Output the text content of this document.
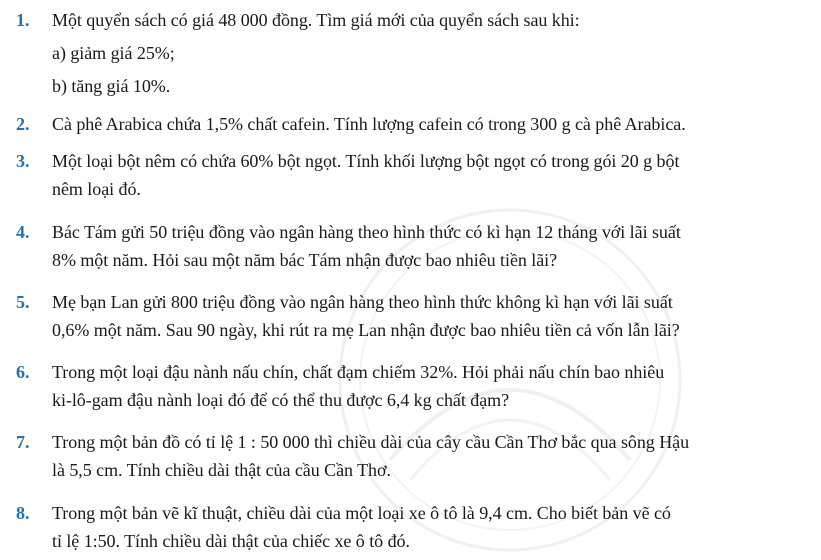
1. Một quyển sách có giá 48 000 đồng. Tìm giá mới của quyển sách sau khi:
a) giảm giá 25%;
b) tăng giá 10%.
2. Cà phê Arabica chứa 1,5% chất cafein. Tính lượng cafein có trong 300 g cà phê Arabica.
3. Một loại bột nêm có chứa 60% bột ngọt. Tính khối lượng bột ngọt có trong gói 20 g bột
nêm loại đó.
4. Bác Tám gửi 50 triệu đồng vào ngân hàng theo hình thức có kì hạn 12 tháng với lãi suất
8% một năm. Hỏi sau một năm bác Tám nhận được bao nhiêu tiền lãi?
5. Mẹ bạn Lan gửi 800 triệu đồng vào ngân hàng theo hình thức không kì hạn với lãi suất
0,6% một năm. Sau 90 ngày, khi rút ra mẹ Lan nhận được bao nhiêu tiền cả vốn lẫn lãi?
6. Trong một loại đậu nành nấu chín, chất đạm chiếm 32%. Hỏi phải nấu chín bao nhiêu
ki-lô-gam đậu nành loại đó để có thể thu được 6,4 kg chất đạm?
7. Trong một bản đồ có tỉ lệ 1 : 50 000 thì chiều dài của cây cầu Cần Thơ bắc qua sông Hậu
là 5,5 cm. Tính chiều dài thật của cầu Cần Thơ.
8. Trong một bản vẽ kĩ thuật, chiều dài của một loại xe ô tô là 9,4 cm. Cho biết bản vẽ có
tỉ lệ 1:50. Tính chiều dài thật của chiếc xe ô tô đó.
